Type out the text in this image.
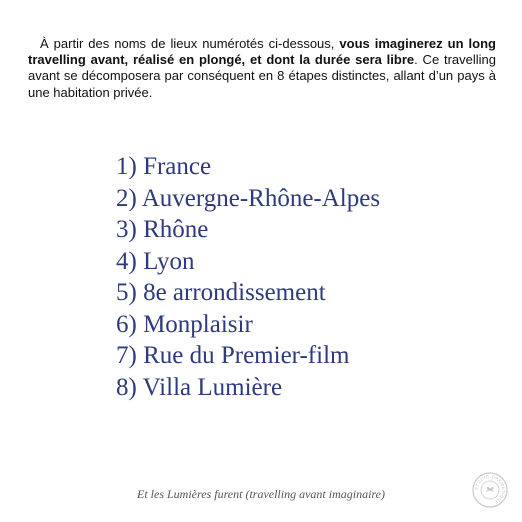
À partir des noms de lieux numérotés ci-dessous, vous imaginerez un long travelling avant, réalisé en plongé, et dont la durée sera libre. Ce travelling avant se décomposera par conséquent en 8 étapes distinctes, allant d’un pays à une habitation privée.

1) France
2) Auvergne-Rhône-Alpes
3) Rhône
4) Lyon
5) 8e arrondissement
6) Monplaisir
7) Rue du Premier-film
8) Villa Lumière
Et les Lumières furent (travelling avant imaginaire)	STUDIO DRAMATIQUE
